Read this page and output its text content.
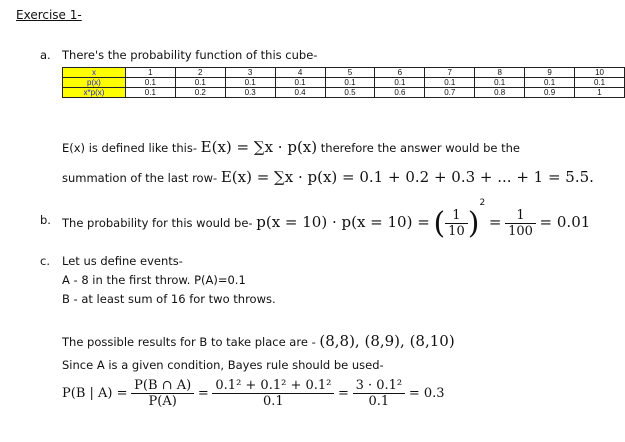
Exercise 1-
a. There's the probability function of this cube-
x	1	2	3	4	5	6	7	8	9	10
p(x)	0.1	0.1	0.1	0.1	0.1	0.1	0.1	0.1	0.1	0.1
x*p(x)	0.1	0.2	0.3	0.4	0.5	0.6	0.7	0.8	0.9	1
E(x) is defined like this- E(x) = ∑x · p(x) therefore the answer would be the
summation of the last row- E(x) = ∑x · p(x) = 0.1 + 0.2 + 0.3 + ... + 1 = 5.5.
b. The probability for this would be- p(x = 10) · p(x = 10) = ( $\frac{1}{10} )^2 = \frac{1}{100} = 0.01$
c. Let us define events-
A - 8 in the first throw. P(A)=0.1
B - at least sum of 16 for two throws.
The possible results for B to take place are - (8,8), (8,9), (8,10)
Since A is a given condition, Bayes rule should be used-
P(B | $A) = \frac{P(B \cap A)}{P(A)} = \frac{\text{0.1² + 0.1² + 0.1²}}{0.1} = \frac{\text{3 · 0.1²}}{0.1} = 0.3$
